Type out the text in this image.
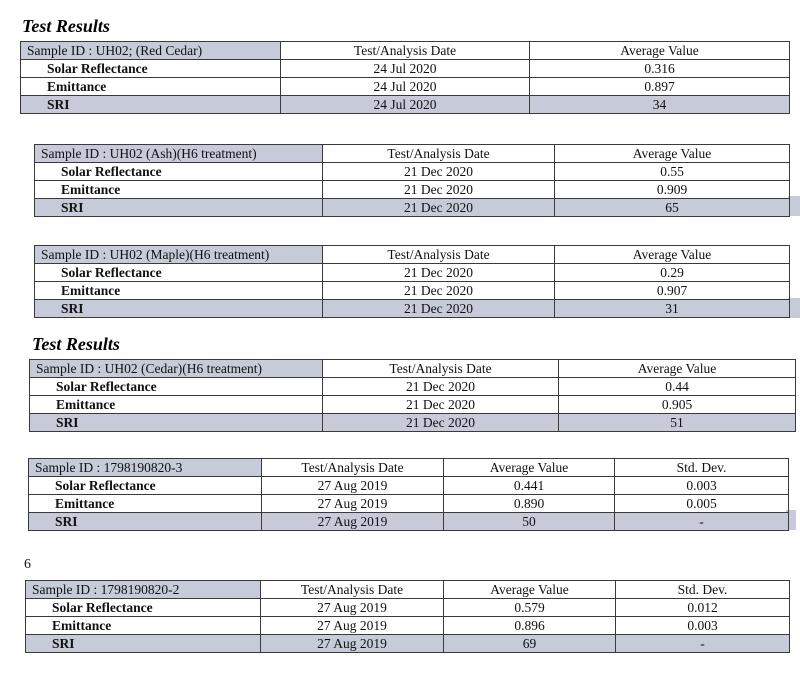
Test Results
Sample ID : UH02; (Red Cedar)	Test/Analysis Date	Average Value
Solar Reflectance	24 Jul 2020	0.316
Emittance	24 Jul 2020	0.897
SRI	24 Jul 2020	34
Sample ID : UH02 (Ash)(H6 treatment)	Test/Analysis Date	Average Value
Solar Reflectance	21 Dec 2020	0.55
Emittance	21 Dec 2020	0.909
SRI	21 Dec 2020	65
Sample ID : UH02 (Maple)(H6 treatment)	Test/Analysis Date	Average Value
Solar Reflectance	21 Dec 2020	0.29
Emittance	21 Dec 2020	0.907
SRI	21 Dec 2020	31
Test Results
Sample ID : UH02 (Cedar)(H6 treatment)	Test/Analysis Date	Average Value
Solar Reflectance	21 Dec 2020	0.44
Emittance	21 Dec 2020	0.905
SRI	21 Dec 2020	51
Sample ID : 1798190820-3	Test/Analysis Date	Average Value	Std. Dev.
Solar Reflectance	27 Aug 2019	0.441	0.003
Emittance	27 Aug 2019	0.890	0.005
SRI	27 Aug 2019	50	-
6
Sample ID : 1798190820-2	Test/Analysis Date	Average Value	Std. Dev.
Solar Reflectance	27 Aug 2019	0.579	0.012
Emittance	27 Aug 2019	0.896	0.003
SRI	27 Aug 2019	69	-
